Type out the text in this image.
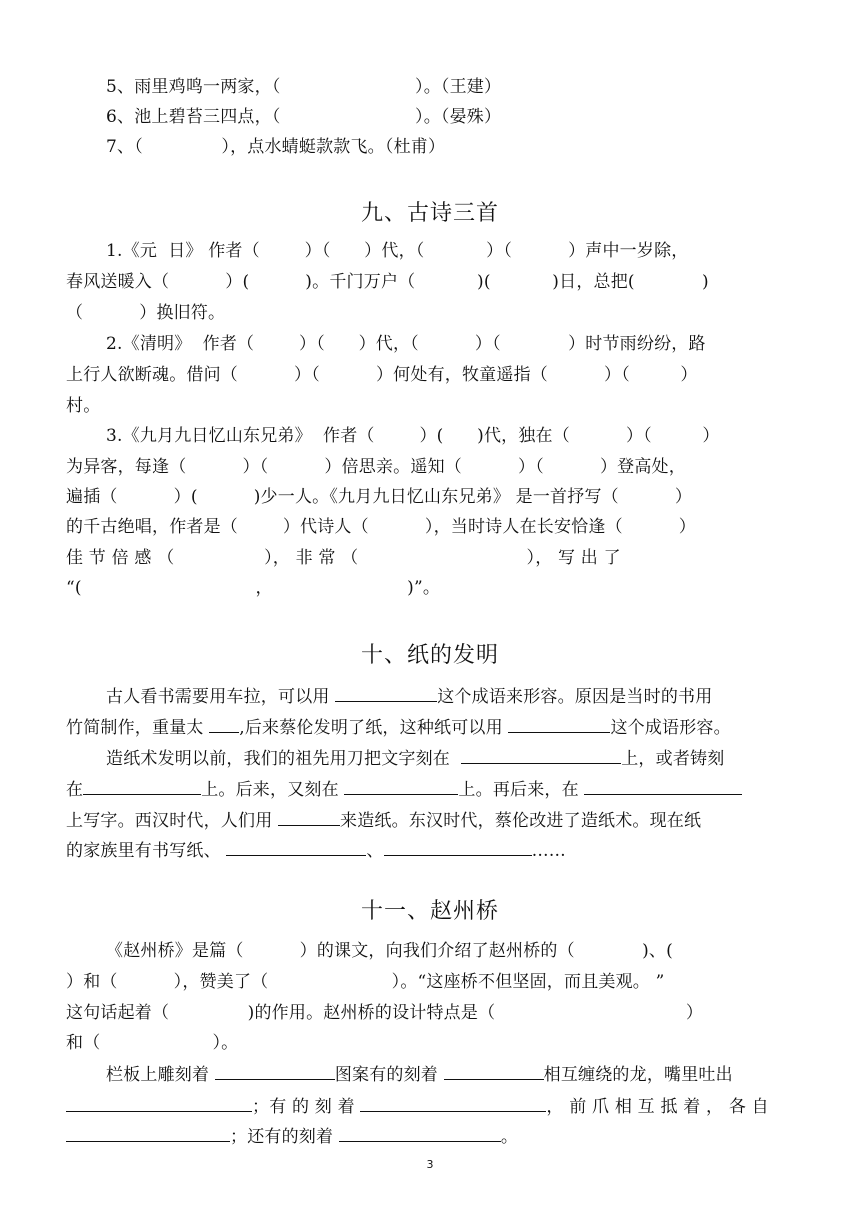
5、雨里鸡鸣一两家，（                        ）。（王建）
6、池上碧苔三四点，（                        ）。（晏殊）
7、（              ），点水蜻蜓款款飞。（杜甫）
九、古诗三首
1.《元  日》 作者（        ）（      ）代，（           ）（          ）声中一岁除，
春风送暖入（          ）(          )。千门万户（           )(           )日，总把(            )
（          ）换旧符。
2.《清明》  作者（        ）（      ）代，（          ）（            ）时节雨纷纷，路
上行人欲断魂。借问（          ）（          ）何处有，牧童遥指（          ）（         ）
村。
3.《九月九日忆山东兄弟》  作者（        ）(      )代，独在（          ）（         ）
为异客，每逢（          ）（          ）倍思亲。遥知（          ）（          ）登高处，
遍插（          ）(          )少一人。《九月九日忆山东兄弟》 是一首抒写（          ）
的千古绝唱，作者是（        ）代诗人（          ），当时诗人在长安恰逢（          ）
佳 节 倍 感 （                ）， 非 常 （                              ）， 写 出 了
“(                               ，                        )”。
十、纸的发明
古人看书需要用车拉，可以用	这个成语来形容。原因是当时的书用
竹简制作，重量太 ,后来蔡伦发明了纸，这种纸可以用	这个成语形容。
造纸术发明以前，我们的祖先用刀把文字刻在	上，或者铸刻
在	上。后来，又刻在	上。再后来，在
上写字。西汉时代，人们用	来造纸。东汉时代，蔡伦改进了造纸术。现在纸
的家族里有书写纸、	、	……
十一、赵州桥
《赵州桥》是篇（          ）的课文，向我们介绍了赵州桥的（            )、(
）和（          ），赞美了（                      ）。“这座桥不但坚固，而且美观。 ”
这句话起着（              )的作用。赵州桥的设计特点是（                                  ）
和（                    ）。
栏板上雕刻着	图案有的刻着	相互缠绕的龙，嘴里吐出
；有 的 刻 着	， 前 爪 相 互 抵 着 ， 各 自
；还有的刻着	。
3
